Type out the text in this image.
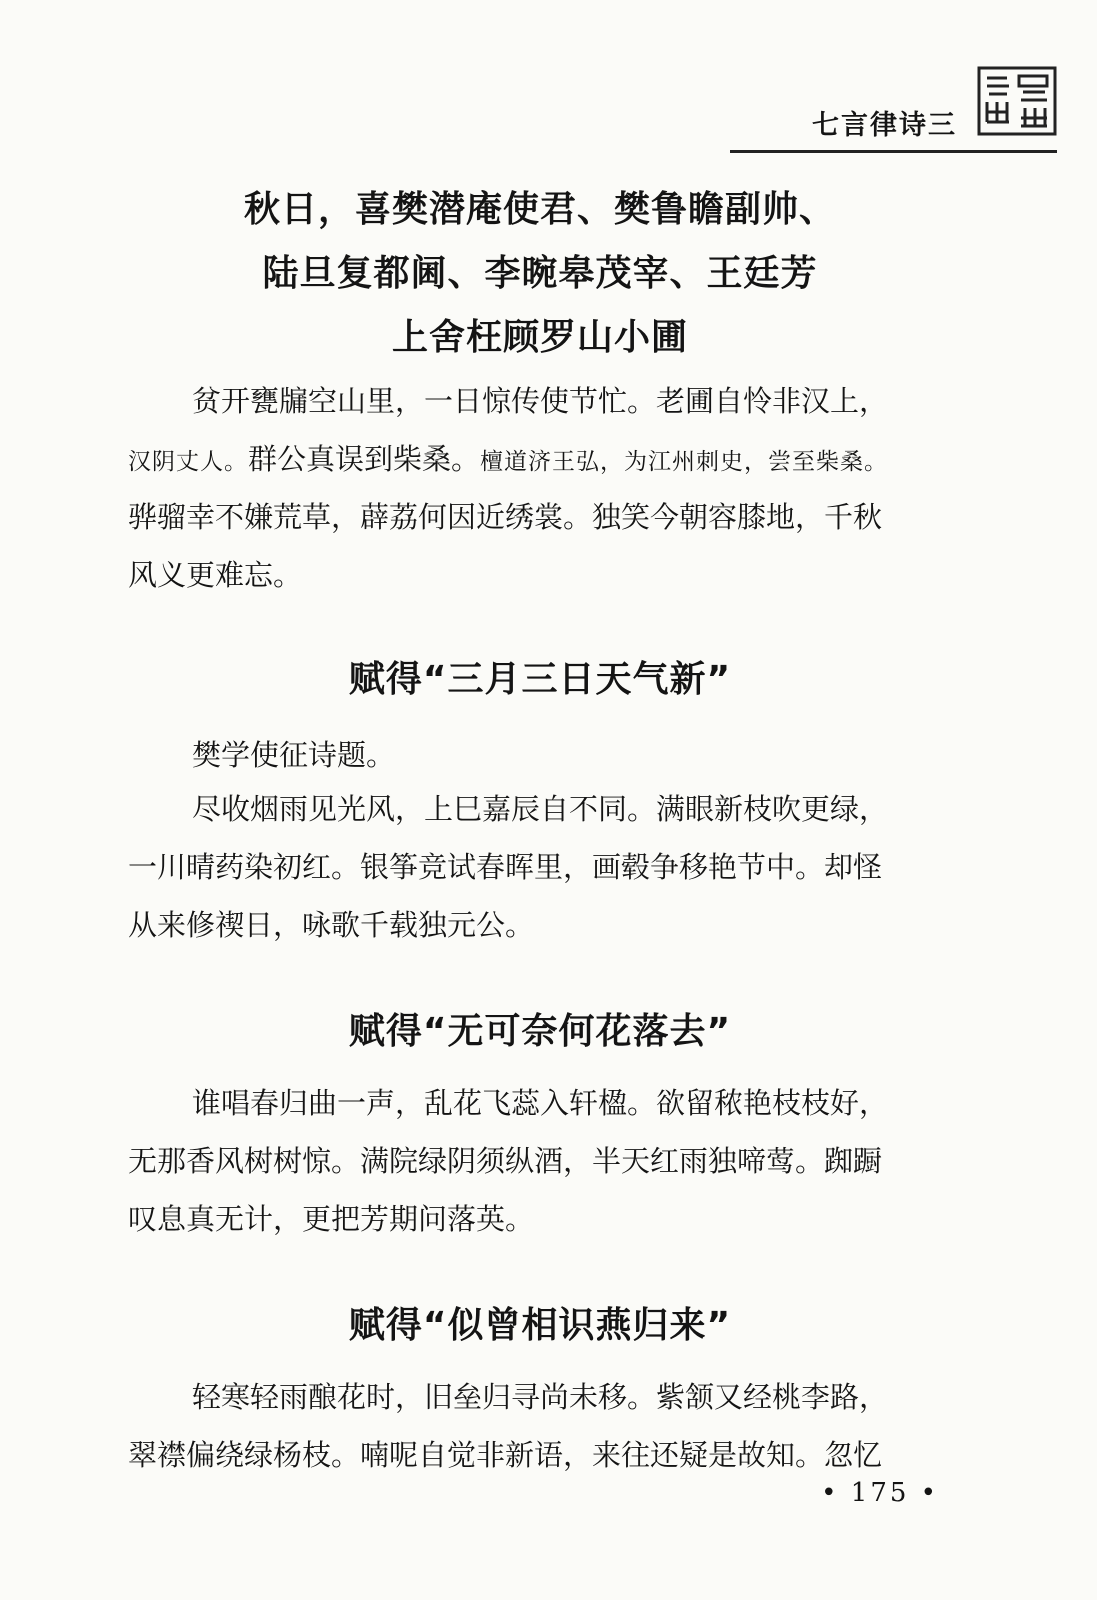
七言律诗三
秋日，喜樊潜庵使君、樊鲁瞻副帅、
陆旦复都阃、李晼皋茂宰、王廷芳
上舍枉顾罗山小圃
贫开甕牖空山里，一日惊传使节忙。老圃自怜非汉上，
汉阴丈人。群公真误到柴桑。檀道济王弘，为江州刺史，尝至柴桑。
骅骝幸不嫌荒草，薜荔何因近绣裳。独笑今朝容膝地，千秋
风义更难忘。
赋得“三月三日天气新”
樊学使征诗题。
尽收烟雨见光风，上巳嘉辰自不同。满眼新枝吹更绿，
一川晴药染初红。银筝竞试春晖里，画毂争移艳节中。却怪
从来修禊日，咏歌千载独元公。
赋得“无可奈何花落去”
谁唱春归曲一声，乱花飞蕊入轩楹。欲留秾艳枝枝好，
无那香风树树惊。满院绿阴须纵酒，半天红雨独啼莺。踟蹰
叹息真无计，更把芳期问落英。
赋得“似曾相识燕归来”
轻寒轻雨酿花时，旧垒归寻尚未移。紫颔又经桃李路，
翠襟偏绕绿杨枝。喃呢自觉非新语，来往还疑是故知。忽忆
• 175 •
